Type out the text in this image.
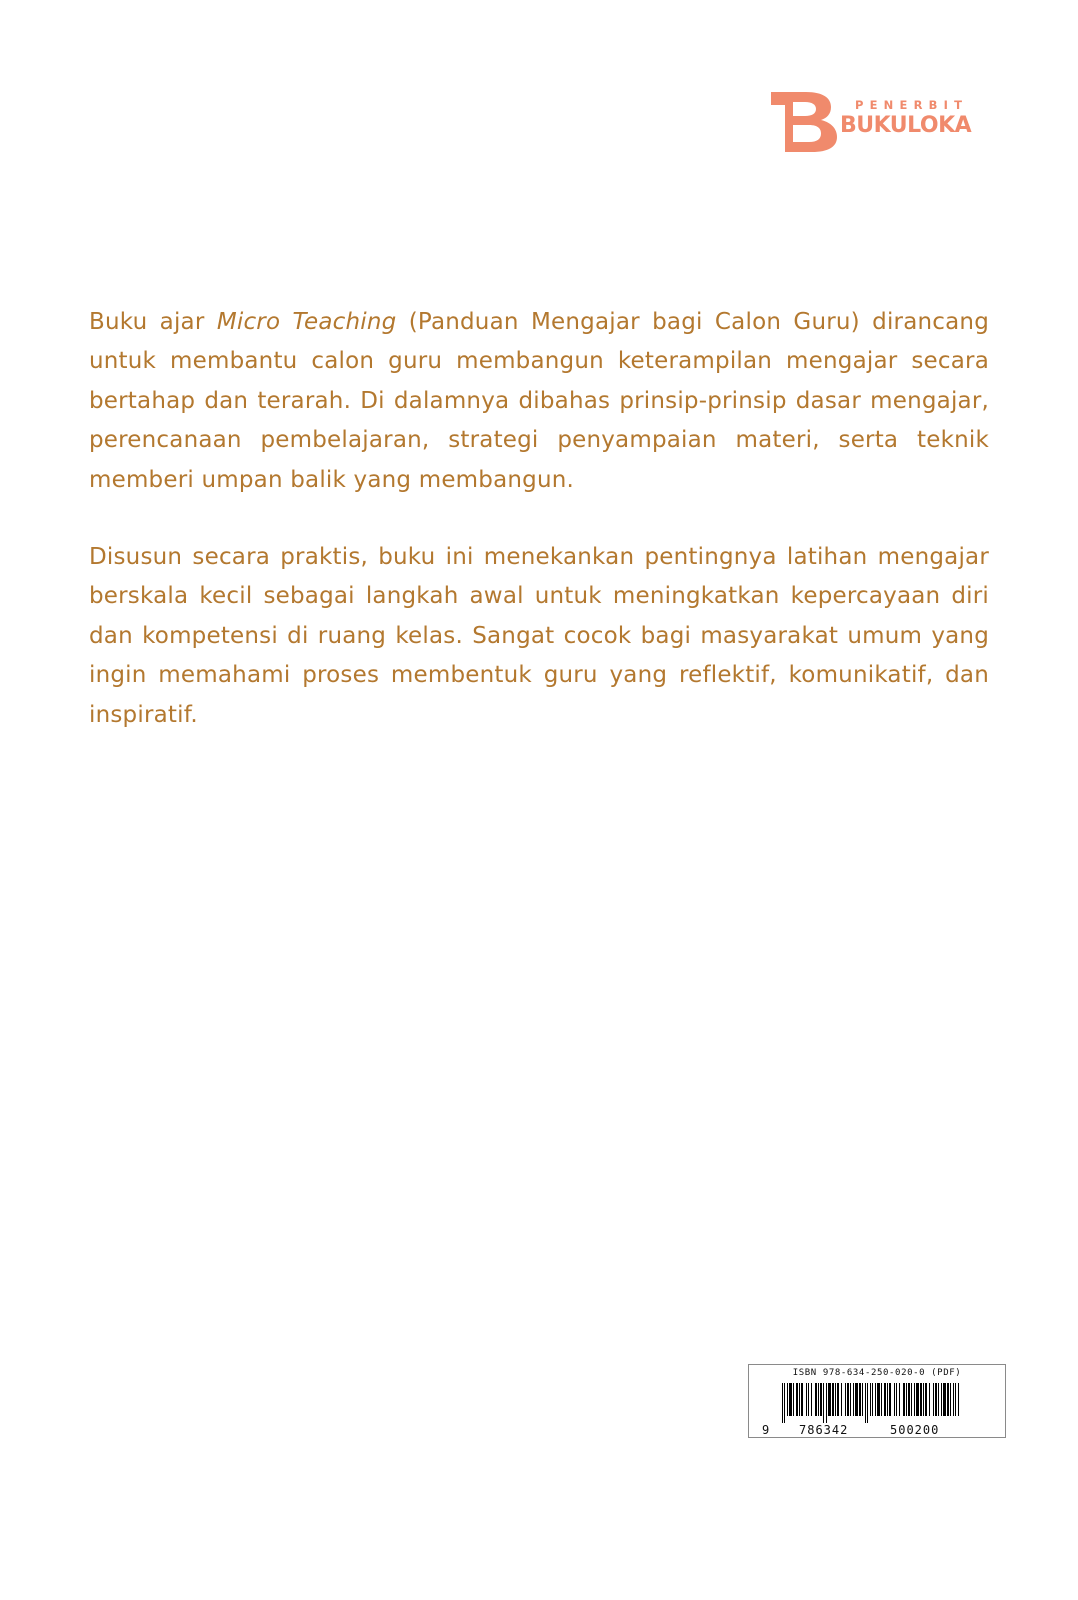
PENERBIT
BUKULOKA

Buku ajar Micro Teaching (Panduan Mengajar bagi Calon Guru) dirancang untuk membantu calon guru membangun keterampilan mengajar secara bertahap dan terarah. Di dalamnya dibahas prinsip-prinsip dasar mengajar, perencanaan pembelajaran, strategi penyampaian materi, serta teknik memberi umpan balik yang membangun.

Disusun secara praktis, buku ini menekankan pentingnya latihan mengajar berskala kecil sebagai langkah awal untuk meningkatkan kepercayaan diri dan kompetensi di ruang kelas. Sangat cocok bagi masyarakat umum yang ingin memahami proses membentuk guru yang reflektif, komunikatif, dan inspiratif.

ISBN 978-634-250-020-0 (PDF)
9 786342	500200
